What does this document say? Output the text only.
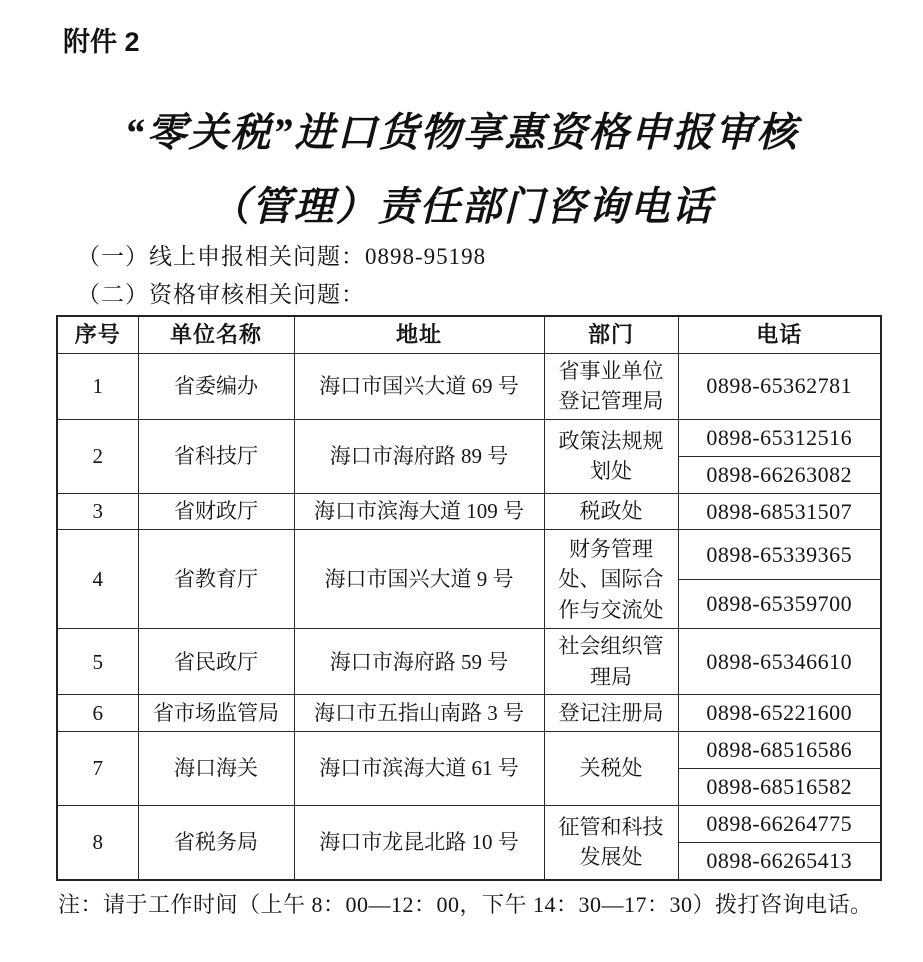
附件 2
“零关税”进口货物享惠资格申报审核
（管理）责任部门咨询电话
（一）线上申报相关问题：0898-95198
（二）资格审核相关问题：
序号	单位名称	地址	部门	电话
1	省委编办	海口市国兴大道 69 号	省事业单位登记管理局	0898-65362781
2	省科技厅	海口市海府路 89 号	政策法规规划处	0898-65312516
				0898-66263082
3	省财政厅	海口市滨海大道 109 号	税政处	0898-68531507
4	省教育厅	海口市国兴大道 9 号	财务管理处、国际合作与交流处	0898-65339365
				0898-65359700
5	省民政厅	海口市海府路 59 号	社会组织管理局	0898-65346610
6	省市场监管局	海口市五指山南路 3 号	登记注册局	0898-65221600
7	海口海关	海口市滨海大道 61 号	关税处	0898-68516586
				0898-68516582
8	省税务局	海口市龙昆北路 10 号	征管和科技发展处	0898-66264775
				0898-66265413
注：请于工作时间（上午 8：00—12：00，下午 14：30—17：30）拨打咨询电话。
